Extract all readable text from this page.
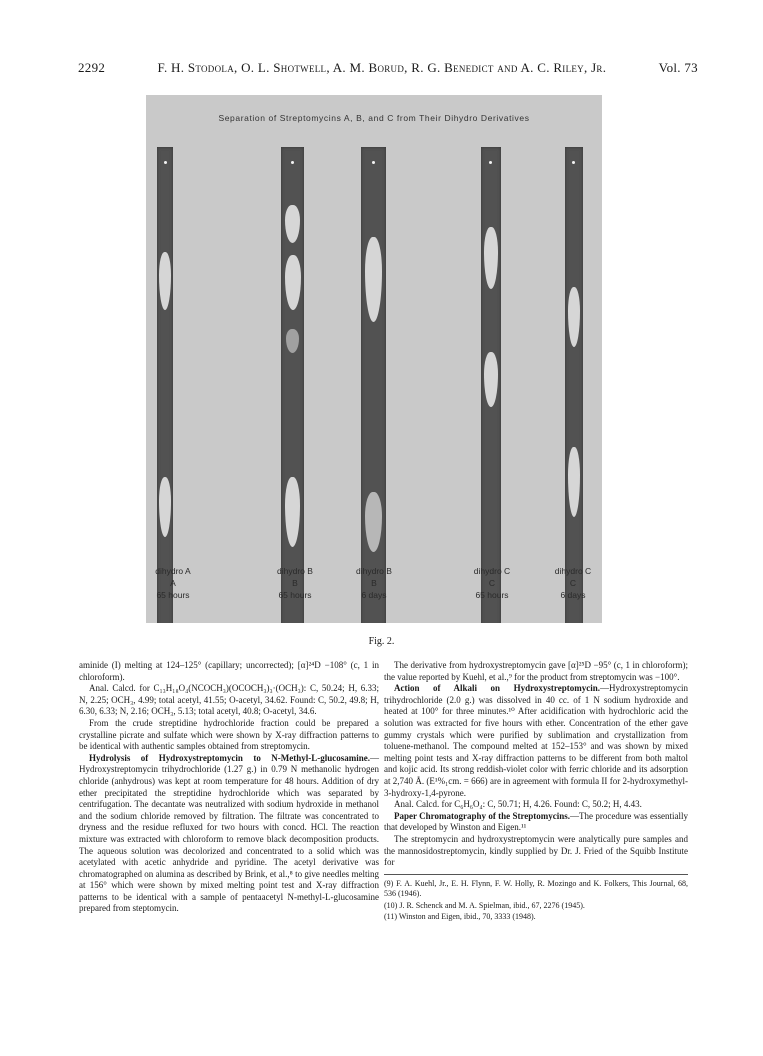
2292	F. H. Stodola, O. L. Shotwell, A. M. Borud, R. G. Benedict and A. C. Riley, Jr.	Vol. 73
Separation of Streptomycins A, B, and C from Their Dihydro Derivatives
dihydro A
A
65 hours
dihydro B
B
65 hours
dihydro B
B
6 days
dihydro C
C
65 hours
dihydro C
C
6 days
Fig. 2.

aminide (I) melting at 124–125° (capillary; uncorrected); [α]²⁴D −108° (c, 1 in chloroform).

Anal. Calcd. for C₁₃H₁₈O₄(NCOCH₃)(OCOCH₃)₃·(OCH₃): C, 50.24; H, 6.33; N, 2.25; OCH₃, 4.99; total acetyl, 41.55; O-acetyl, 34.62. Found: C, 50.2, 49.8; H, 6.30, 6.33; N, 2.16; OCH₃, 5.13; total acetyl, 40.8; O-acetyl, 34.6.

From the crude streptidine hydrochloride fraction could be prepared a crystalline picrate and sulfate which were shown by X-ray diffraction patterns to be identical with authentic samples obtained from streptomycin.

Hydrolysis of Hydroxystreptomycin to N-Methyl-L-glucosamine.—Hydroxystreptomycin trihydrochloride (1.27 g.) in 0.79 N methanolic hydrogen chloride (anhydrous) was kept at room temperature for 48 hours. Addition of dry ether precipitated the streptidine hydrochloride which was separated by centrifugation. The decantate was neutralized with sodium hydroxide in methanol and the sodium chloride removed by filtration. The filtrate was concentrated to dryness and the residue refluxed for two hours with concd. HCl. The reaction mixture was extracted with chloroform to remove black decomposition products. The aqueous solution was decolorized and concentrated to a solid which was acetylated with acetic anhydride and pyridine. The acetyl derivative was chromatographed on alumina as described by Brink, et al.,⁸ to give needles melting at 156° which were shown by mixed melting point test and X-ray diffraction patterns to be identical with a sample of pentaacetyl N-methyl-L-glucosamine prepared from steptomycin.

The derivative from hydroxystreptomycin gave [α]²⁵D −95° (c, 1 in chloroform); the value reported by Kuehl, et al.,⁹ for the product from streptomycin was −100°.

Action of Alkali on Hydroxystreptomycin.—Hydroxystreptomycin trihydrochloride (2.0 g.) was dissolved in 40 cc. of 1 N sodium hydroxide and heated at 100° for three minutes.¹⁰ After acidification with hydrochloric acid the solution was extracted for five hours with ether. Concentration of the ether gave gummy crystals which were purified by sublimation and crystallization from toluene-methanol. The compound melted at 152–153° and was shown by mixed melting point tests and X-ray diffraction patterns to be different from both maltol and kojic acid. Its strong reddish-violet color with ferric chloride and its adsorption at 2,740 Å. (E¹%₁cm. = 666) are in agreement with formula II for 2-hydroxymethyl-3-hydroxy-1,4-pyrone.

Anal. Calcd. for C₆H₆O₄: C, 50.71; H, 4.26. Found: C, 50.2; H, 4.43.

Paper Chromatography of the Streptomycins.—The procedure was essentially that developed by Winston and Eigen.¹¹

The streptomycin and hydroxystreptomycin were analytically pure samples and the mannosidostreptomycin, kindly supplied by Dr. J. Fried of the Squibb Institute for

(9) F. A. Kuehl, Jr., E. H. Flynn, F. W. Holly, R. Mozingo and K. Folkers, This Journal, 68, 536 (1946).

(10) J. R. Schenck and M. A. Spielman, ibid., 67, 2276 (1945).

(11) Winston and Eigen, ibid., 70, 3333 (1948).
